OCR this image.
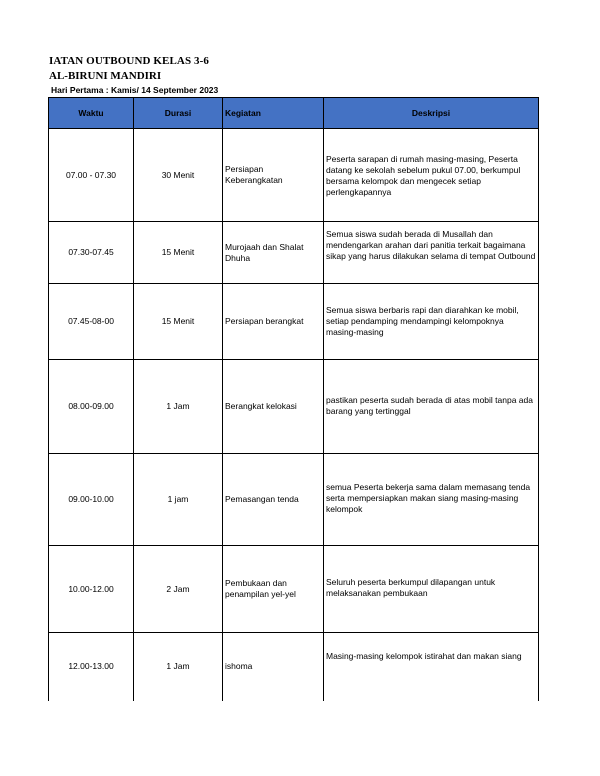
IATAN OUTBOUND KELAS 3-6
AL-BIRUNI MANDIRI
Hari Pertama : Kamis/ 14 September 2023
Waktu	Durasi	Kegiatan	Deskripsi
07.00 - 07.30	30 Menit	Persiapan Keberangkatan	Peserta sarapan di rumah masing-masing, Peserta datang ke sekolah sebelum pukul 07.00, berkumpul bersama kelompok dan mengecek setiap perlengkapannya
07.30-07.45	15 Menit	Murojaah dan Shalat Dhuha	Semua siswa sudah berada di Musallah dan mendengarkan arahan dari panitia terkait bagaimana sikap yang harus dilakukan selama di tempat Outbound
07.45-08-00	15 Menit	Persiapan berangkat	Semua siswa berbaris rapi dan diarahkan ke mobil, setiap pendamping mendampingi kelompoknya masing-masing
08.00-09.00	1 Jam	Berangkat kelokasi	pastikan peserta sudah berada di atas mobil tanpa ada barang yang tertinggal
09.00-10.00	1 jam	Pemasangan tenda	semua Peserta bekerja sama dalam memasang tenda serta mempersiapkan makan siang masing-masing kelompok
10.00-12.00	2 Jam	Pembukaan dan penampilan yel-yel	Seluruh peserta berkumpul dilapangan untuk melaksanakan pembukaan
12.00-13.00	1 Jam	ishoma	Masing-masing kelompok istirahat dan makan siang
